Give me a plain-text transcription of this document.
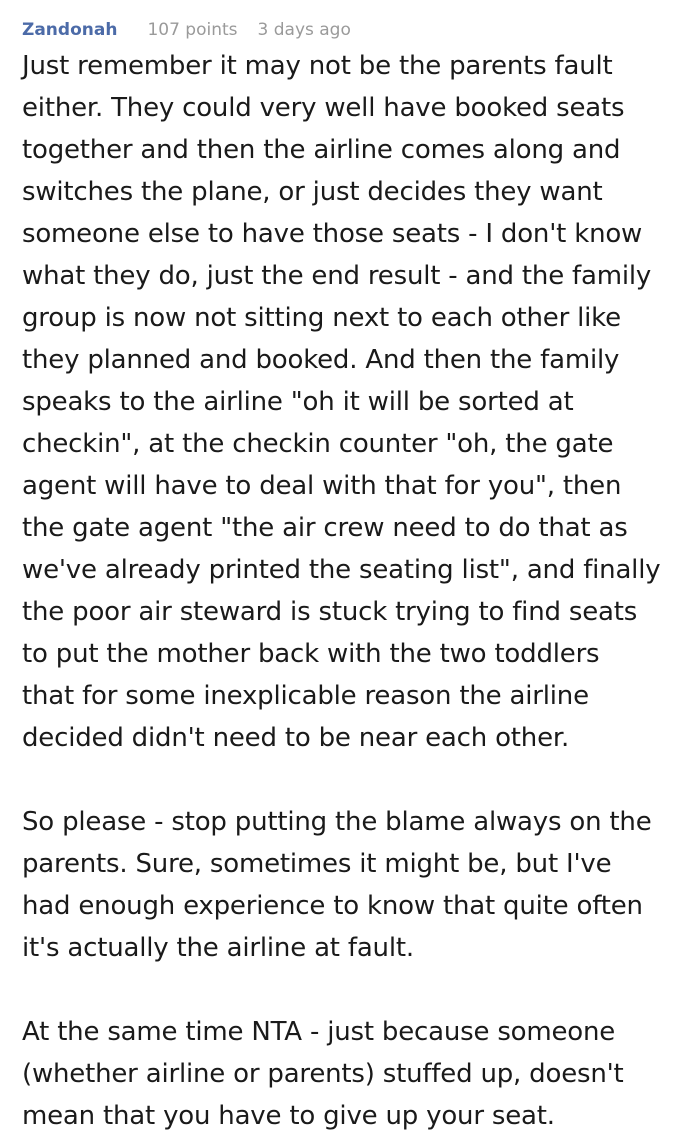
Zandonah 107 points 3 days ago
Just remember it may not be the parents fault
either. They could very well have booked seats
together and then the airline comes along and
switches the plane, or just decides they want
someone else to have those seats - I don't know
what they do, just the end result - and the family
group is now not sitting next to each other like
they planned and booked. And then the family
speaks to the airline "oh it will be sorted at
checkin", at the checkin counter "oh, the gate
agent will have to deal with that for you", then
the gate agent "the air crew need to do that as
we've already printed the seating list", and finally
the poor air steward is stuck trying to find seats
to put the mother back with the two toddlers
that for some inexplicable reason the airline
decided didn't need to be near each other.
So please - stop putting the blame always on the
parents. Sure, sometimes it might be, but I've
had enough experience to know that quite often
it's actually the airline at fault.
At the same time NTA - just because someone
(whether airline or parents) stuffed up, doesn't
mean that you have to give up your seat.
